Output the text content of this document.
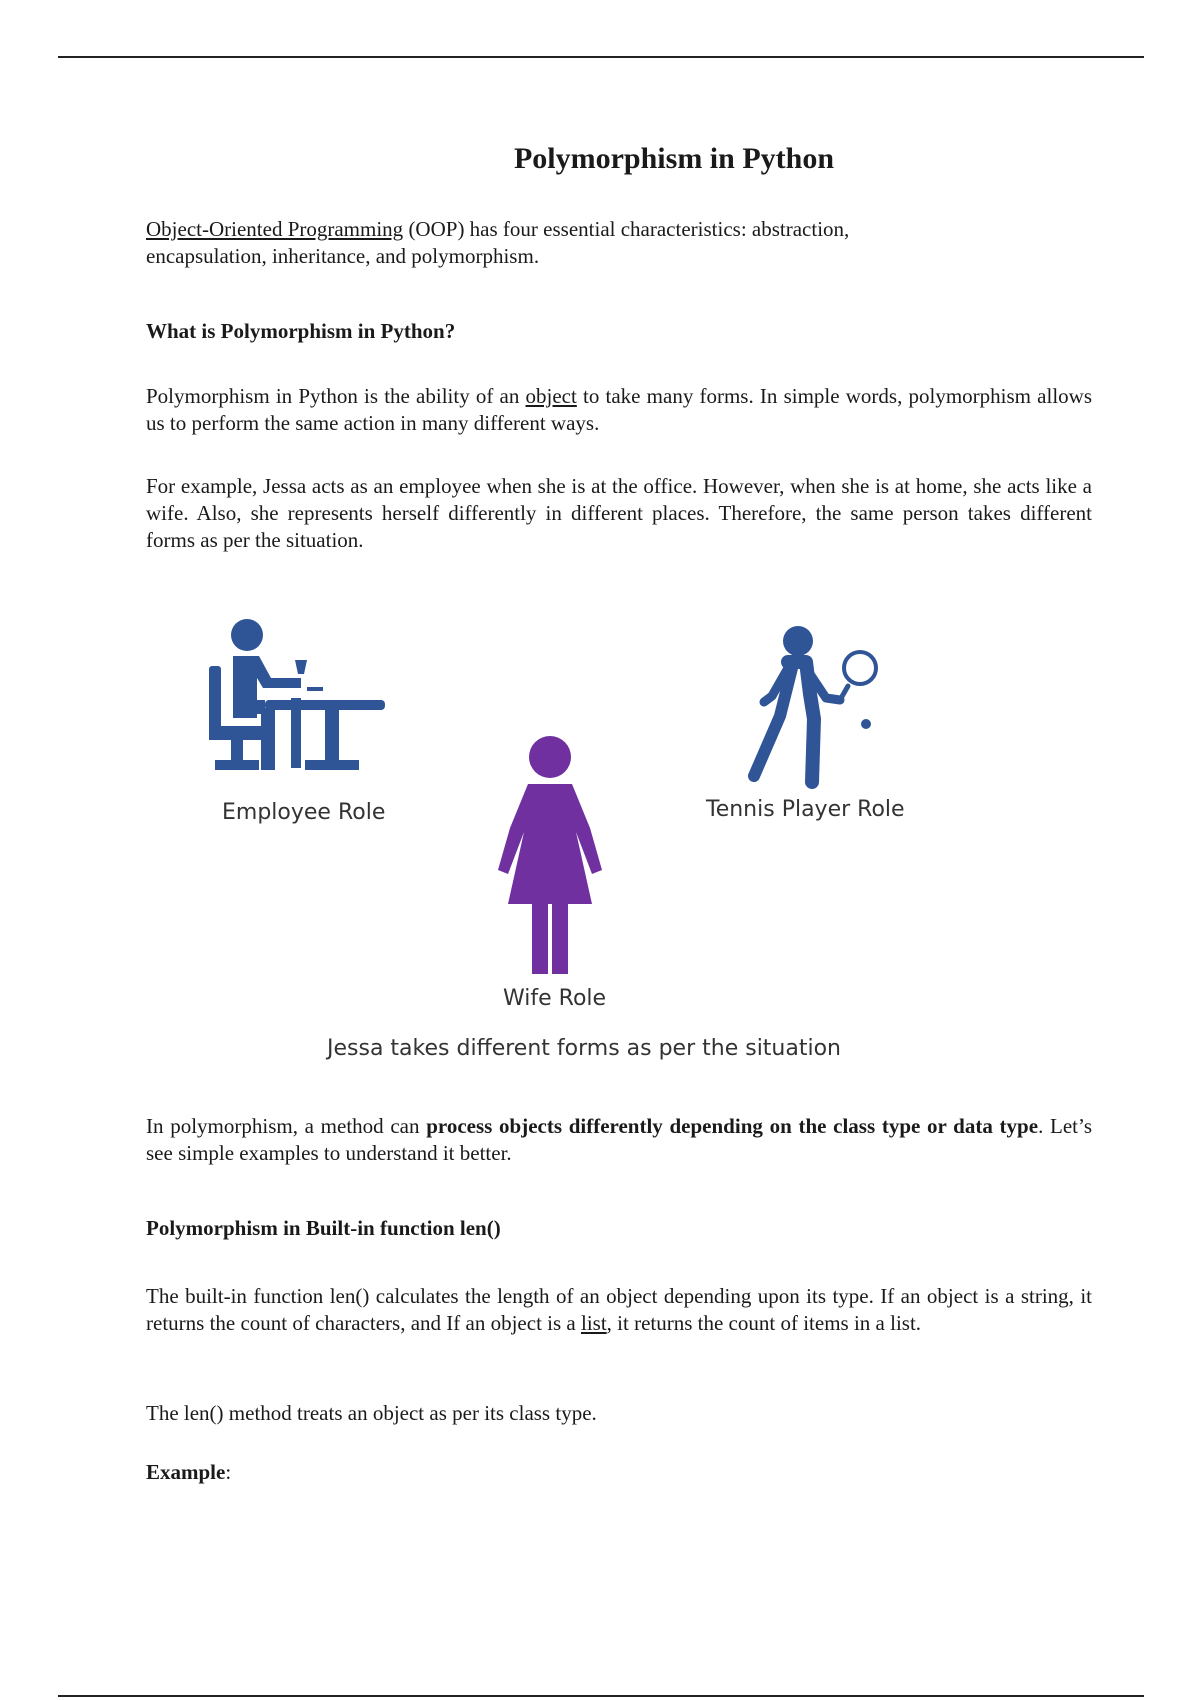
Polymorphism in Python

Object-Oriented Programming (OOP) has four essential characteristics: abstraction,
encapsulation, inheritance, and polymorphism.

What is Polymorphism in Python?

Polymorphism in Python is the ability of an object to take many forms. In simple words, polymorphism allows us to perform the same action in many different ways.

For example, Jessa acts as an employee when she is at the office. However, when she is at home, she acts like a wife. Also, she represents herself differently in different places. Therefore, the same person takes different forms as per the situation.

In polymorphism, a method can process objects differently depending on the class type or data type. Let’s see simple examples to understand it better.

Polymorphism in Built-in function len()

The built-in function len() calculates the length of an object depending upon its type. If an object is a string, it returns the count of characters, and If an object is a list, it returns the count of items in a list.

The len() method treats an object as per its class type.

Example:

Employee Role	Tennis Player Role
Wife Role
Jessa takes different forms as per the situation
